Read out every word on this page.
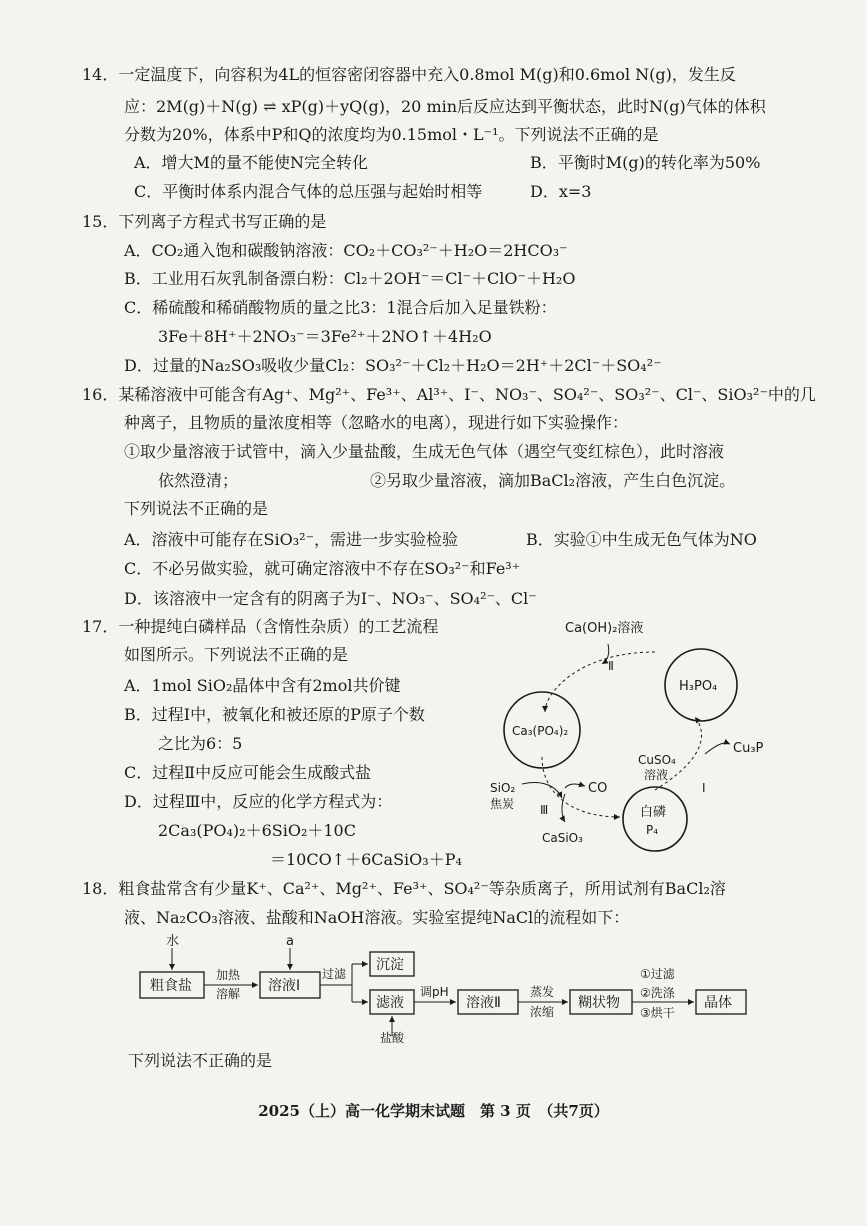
14．一定温度下，向容积为4L的恒容密闭容器中充入0.8mol M(g)和0.6mol N(g)，发生反
应：2M(g)＋N(g) ⇌ xP(g)＋yQ(g)，20 min后反应达到平衡状态，此时N(g)气体的体积
分数为20%，体系中P和Q的浓度均为0.15mol・L⁻¹。下列说法不正确的是
A．增大M的量不能使N完全转化	B．平衡时M(g)的转化率为50%
C．平衡时体系内混合气体的总压强与起始时相等	D．x=3
15．下列离子方程式书写正确的是
A．CO₂通入饱和碳酸钠溶液：CO₂＋CO₃²⁻＋H₂O＝2HCO₃⁻
B．工业用石灰乳制备漂白粉：Cl₂＋2OH⁻＝Cl⁻＋ClO⁻＋H₂O
C．稀硫酸和稀硝酸物质的量之比3：1混合后加入足量铁粉：
3Fe＋8H⁺＋2NO₃⁻＝3Fe²⁺＋2NO↑＋4H₂O
D．过量的Na₂SO₃吸收少量Cl₂：SO₃²⁻＋Cl₂＋H₂O＝2H⁺＋2Cl⁻＋SO₄²⁻
16．某稀溶液中可能含有Ag⁺、Mg²⁺、Fe³⁺、Al³⁺、I⁻、NO₃⁻、SO₄²⁻、SO₃²⁻、Cl⁻、SiO₃²⁻中的几
种离子，且物质的量浓度相等（忽略水的电离），现进行如下实验操作：
①取少量溶液于试管中，滴入少量盐酸，生成无色气体（遇空气变红棕色），此时溶液
依然澄清；	②另取少量溶液，滴加BaCl₂溶液，产生白色沉淀。
下列说法不正确的是
A．溶液中可能存在SiO₃²⁻，需进一步实验检验	B．实验①中生成无色气体为NO
C．不必另做实验，就可确定溶液中不存在SO₃²⁻和Fe³⁺
D．该溶液中一定含有的阴离子为I⁻、NO₃⁻、SO₄²⁻、Cl⁻
17．一种提纯白磷样品（含惰性杂质）的工艺流程
如图所示。下列说法不正确的是
A．1mol SiO₂晶体中含有2mol共价键
B．过程Ⅰ中，被氧化和被还原的P原子个数
之比为6：5
C．过程Ⅱ中反应可能会生成酸式盐
D．过程Ⅲ中，反应的化学方程式为：
2Ca₃(PO₄)₂＋6SiO₂＋10C
＝10CO↑＋6CaSiO₃＋P₄
Ca(OH)₂溶液
Ⅱ
H₃PO₄
Ca₃(PO₄)₂
CuSO₄
溶液
Cu₃P
Ⅰ
SiO₂
焦炭 Ⅲ
CO
CaSiO₃
白磷
P₄
18．粗食盐常含有少量K⁺、Ca²⁺、Mg²⁺、Fe³⁺、SO₄²⁻等杂质离子，所用试剂有BaCl₂溶
液、Na₂CO₃溶液、盐酸和NaOH溶液。实验室提纯NaCl的流程如下：
水
粗食盐
加热
溶解
a
溶液Ⅰ
过滤
沉淀
滤液
盐酸
调pH
溶液Ⅱ
蒸发
浓缩
糊状物
①过滤
②洗涤
③烘干
晶体
下列说法不正确的是
2025（上）高一化学期末试题　第 3 页　（共7页）
